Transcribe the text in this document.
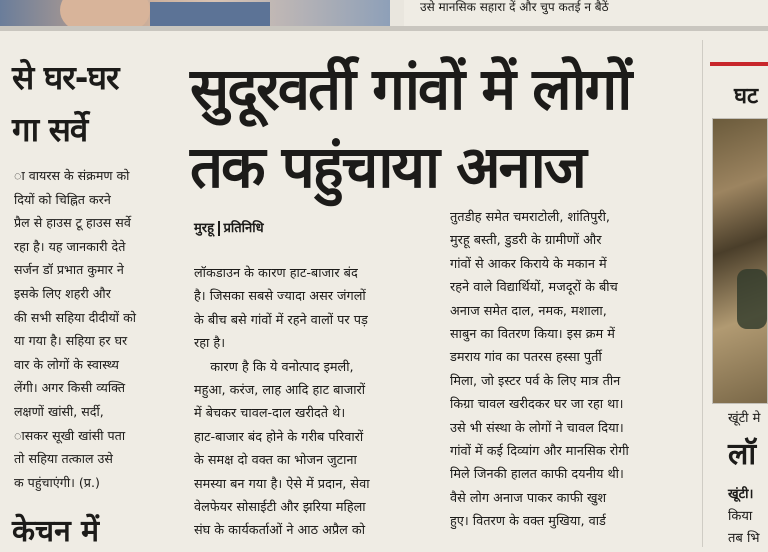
उसे मानसिक सहारा दें और चुप कतई न बैठें
से घर-घर
गा सर्वे
ा वायरस के संक्रमण को
दियों को चिह्नित करने
प्रैल से हाउस टू हाउस सर्वे
रहा है। यह जानकारी देते
सर्जन डॉ प्रभात कुमार ने
इसके लिए शहरी और
की सभी सहिया दीदीयों को
या गया है। सहिया हर घर
वार के लोगों के स्वास्थ्य
लेंगी। अगर किसी व्यक्ति
लक्षणों खांसी, सर्दी,
ासकर सूखी खांसी पता
तो सहिया तत्काल उसे
क पहुंचाएंगी। (प्र.)
केचन में
सुदूरवर्ती गांवों में लोगों
तक पहुंचाया अनाज
मुरहू प्रतिनिधि
लॉकडाउन के कारण हाट-बाजार बंद
है। जिसका सबसे ज्यादा असर जंगलों
के बीच बसे गांवों में रहने वालों पर पड़
रहा है।
कारण है कि ये वनोत्पाद इमली,
महुआ, करंज, लाह आदि हाट बाजारों
में बेचकर चावल-दाल खरीदते थे।
हाट-बाजार बंद होने के गरीब परिवारों
के समक्ष दो वक्त का भोजन जुटाना
समस्या बन गया है। ऐसे में प्रदान, सेवा
वेलफेयर सोसाईटी और झरिया महिला
संघ के कार्यकर्ताओं ने आठ अप्रैल को
तुतडीह समेत चमराटोली, शांतिपुरी,
मुरहू बस्ती, डुडरी के ग्रामीणों और
गांवों से आकर किराये के मकान में
रहने वाले विद्यार्थियों, मजदूरों के बीच
अनाज समेत दाल, नमक, मशाला,
साबुन का वितरण किया। इस क्रम में
डमराय गांव का पतरस हस्सा पुर्ती
मिला, जो इस्टर पर्व के लिए मात्र तीन
किग्रा चावल खरीदकर घर जा रहा था।
उसे भी संस्था के लोगों ने चावल दिया।
गांवों में कई दिव्यांग और मानसिक रोगी
मिले जिनकी हालत काफी दयनीय थी।
वैसे लोग अनाज पाकर काफी खुश
हुए। वितरण के वक्त मुखिया, वार्ड
घट
खूंटी मे
लॉ
खूंटी।
किया
तब भि
